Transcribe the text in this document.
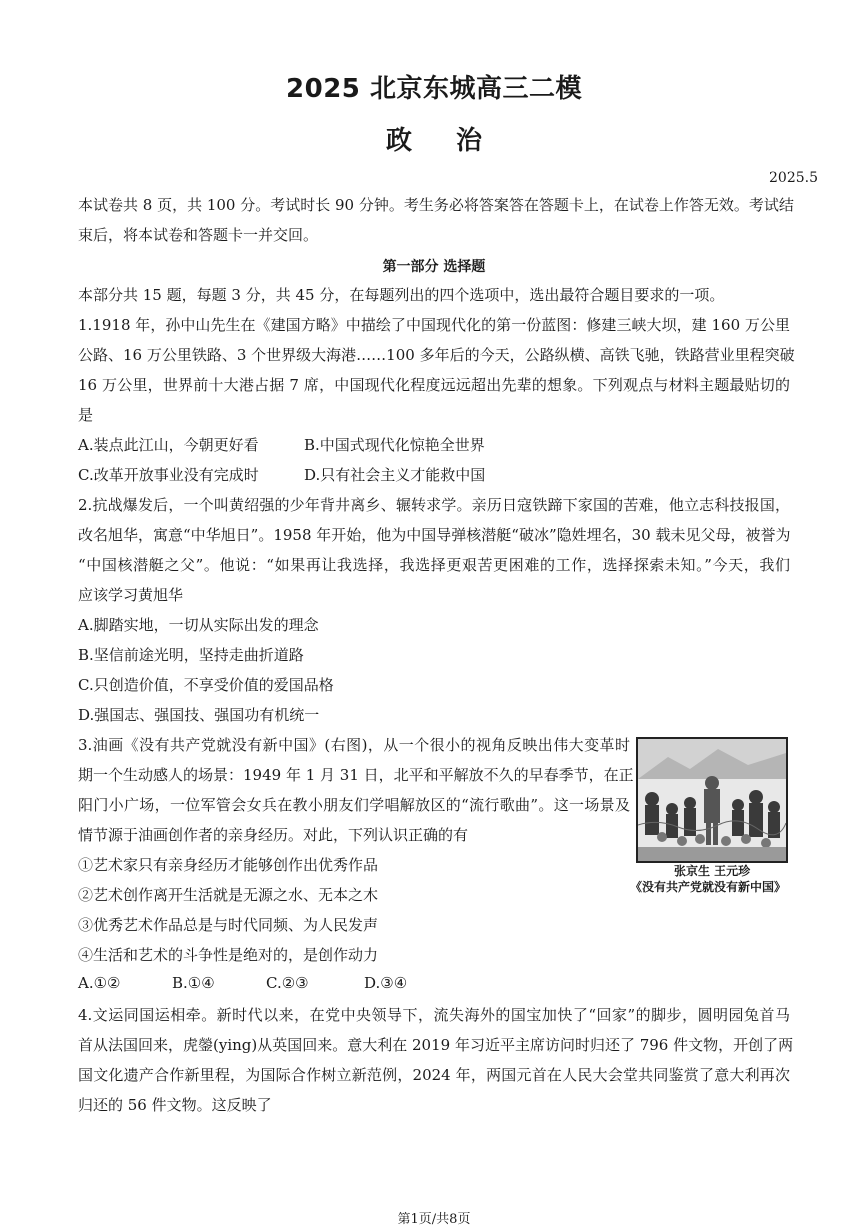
2025 北京东城高三二模
政治
2025.5
本试卷共 8 页，共 100 分。考试时长 90 分钟。考生务必将答案答在答题卡上，在试卷上作答无效。考试结
束后，将本试卷和答题卡一并交回。
第一部分 选择题
本部分共 15 题，每题 3 分，共 45 分，在每题列出的四个选项中，选出最符合题目要求的一项。
1.1918 年，孙中山先生在《建国方略》中描绘了中国现代化的第一份蓝图：修建三峡大坝，建 160 万公里
公路、16 万公里铁路、3 个世界级大海港……100 多年后的今天，公路纵横、高铁飞驰，铁路营业里程突破
16 万公里，世界前十大港占据 7 席，中国现代化程度远远超出先辈的想象。下列观点与材料主题最贴切的
是
A.装点此江山，今朝更好看	B.中国式现代化惊艳全世界
C.改革开放事业没有完成时	D.只有社会主义才能救中国
2.抗战爆发后，一个叫黄绍强的少年背井离乡、辗转求学。亲历日寇铁蹄下家国的苦难，他立志科技报国，
改名旭华，寓意“中华旭日”。1958 年开始，他为中国导弹核潜艇“破冰”隐姓埋名，30 载未见父母，被誉为
“中国核潜艇之父”。他说：“如果再让我选择，我选择更艰苦更困难的工作，选择探索未知。”今天，我们
应该学习黄旭华
A.脚踏实地，一切从实际出发的理念
B.坚信前途光明，坚持走曲折道路
C.只创造价值，不享受价值的爱国品格
D.强国志、强国技、强国功有机统一
3.油画《没有共产党就没有新中国》(右图)，从一个很小的视角反映出伟大变革时
期一个生动感人的场景：1949 年 1 月 31 日，北平和平解放不久的早春季节，在正
阳门小广场，一位军管会女兵在教小朋友们学唱解放区的“流行歌曲”。这一场景及
情节源于油画创作者的亲身经历。对此，下列认识正确的有
张京生 王元珍
《没有共产党就没有新中国》
①艺术家只有亲身经历才能够创作出优秀作品
②艺术创作离开生活就是无源之水、无本之木
③优秀艺术作品总是与时代同频、为人民发声
④生活和艺术的斗争性是绝对的，是创作动力
A.①②	B.①④	C.②③	D.③④
4.文运同国运相牵。新时代以来，在党中央领导下，流失海外的国宝加快了“回家”的脚步，圆明园兔首马
首从法国回来，虎鎣(ying)从英国回来。意大利在 2019 年习近平主席访问时归还了 796 件文物，开创了两
国文化遗产合作新里程，为国际合作树立新范例，2024 年，两国元首在人民大会堂共同鉴赏了意大利再次
归还的 56 件文物。这反映了
第1页/共8页
